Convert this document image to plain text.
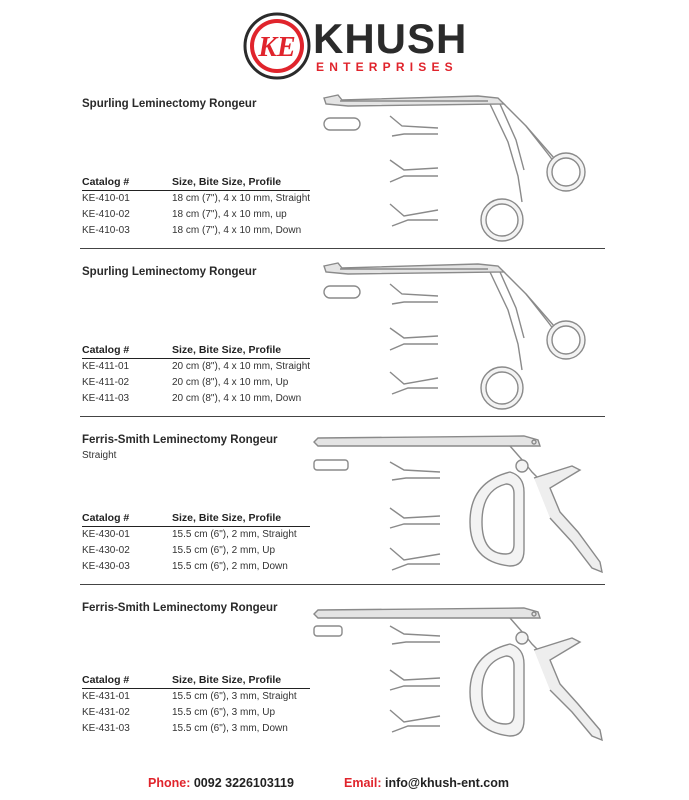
KE KHUSH
ENTERPRISES
Spurling Leminectomy Rongeur
Catalog #	Size, Bite Size, Profile
KE-410-01	18 cm (7"), 4 x 10 mm, Straight
KE-410-02	18 cm (7"), 4 x 10 mm, up
KE-410-03	18 cm (7"), 4 x 10 mm, Down
Spurling Leminectomy Rongeur
Catalog #	Size, Bite Size, Profile
KE-411-01	20 cm (8"), 4 x 10 mm, Straight
KE-411-02	20 cm (8"), 4 x 10 mm, Up
KE-411-03	20 cm (8"), 4 x 10 mm, Down
Ferris-Smith Leminectomy Rongeur
Straight
Catalog #	Size, Bite Size, Profile
KE-430-01	15.5 cm (6"), 2 mm, Straight
KE-430-02	15.5 cm (6"), 2 mm, Up
KE-430-03	15.5 cm (6"), 2 mm, Down
Ferris-Smith Leminectomy Rongeur
Catalog #	Size, Bite Size, Profile
KE-431-01	15.5 cm (6"), 3 mm, Straight
KE-431-02	15.5 cm (6"), 3 mm, Up
KE-431-03	15.5 cm (6"), 3 mm, Down
Phone: 0092 3226103119	Email: info@khush-ent.com
